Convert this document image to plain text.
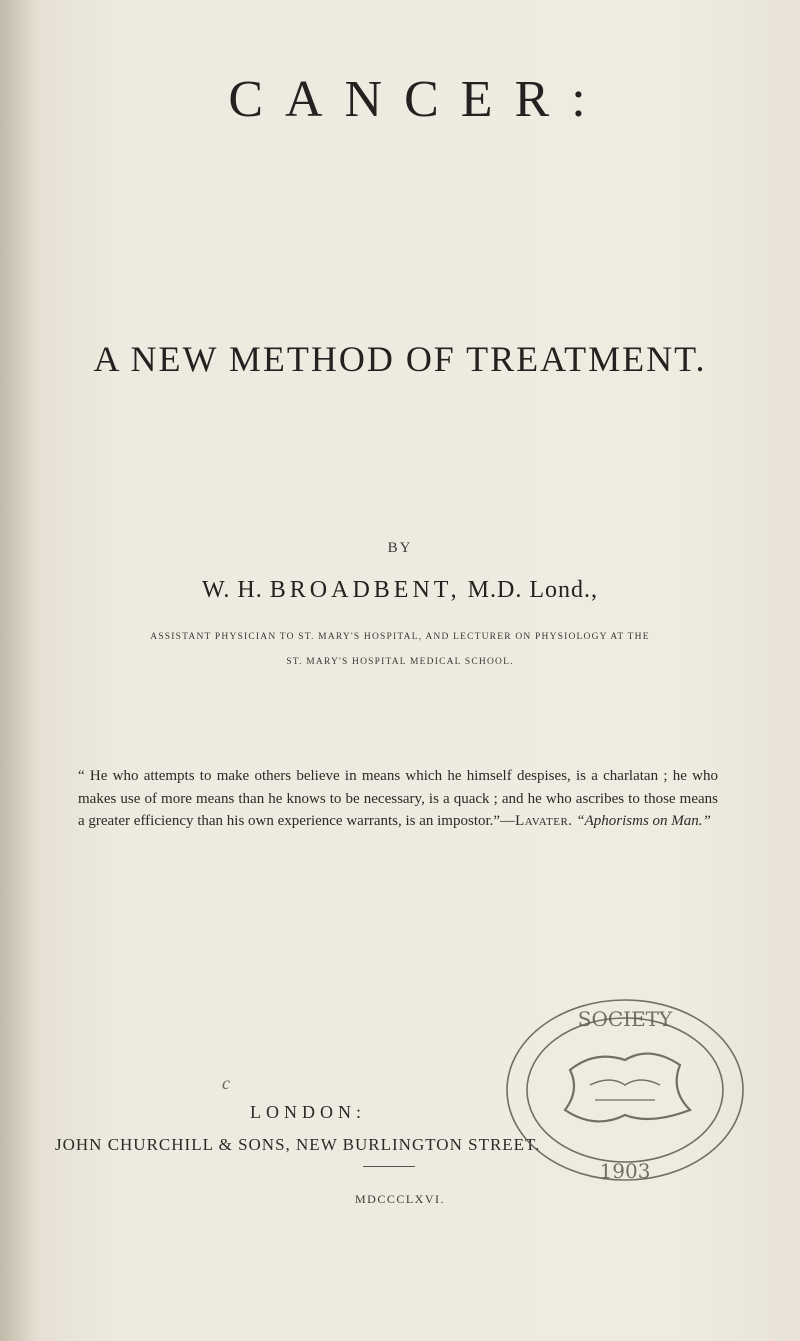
CANCER:
A NEW METHOD OF TREATMENT.
BY
W. H. BROADBENT, M.D. Lond.,
ASSISTANT PHYSICIAN TO ST. MARY'S HOSPITAL, AND LECTURER ON PHYSIOLOGY AT THE
ST. MARY'S HOSPITAL MEDICAL SCHOOL.
“ He who attempts to make others believe in means which he himself despises, is a charlatan ; he who makes use of more means than he knows to be necessary, is a quack ; and he who ascribes to those means a greater efficiency than his own experience warrants, is an impostor.”—Lavater. “Aphorisms on Man.”
c
LONDON:
JOHN CHURCHILL & SONS, NEW BURLINGTON STREET.
MDCCCLXVI.
SOCIETY
1903
